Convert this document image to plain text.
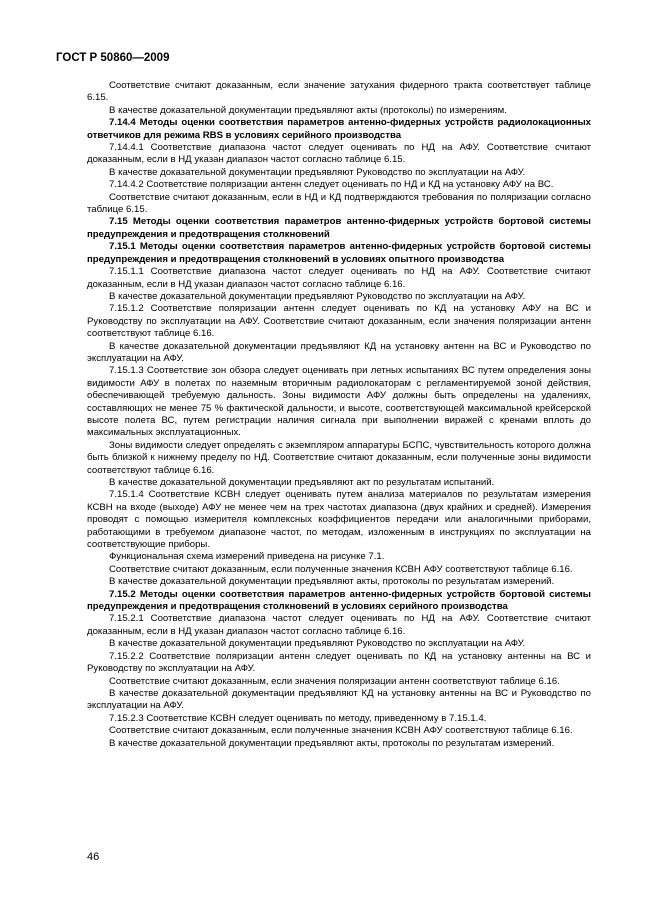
ГОСТ Р 50860—2009

Соответствие считают доказанным, если значение затухания фидерного тракта соответствует таблице 6.15.

В качестве доказательной документации предъявляют акты (протоколы) по измерениям.

7.14.4 Методы оценки соответствия параметров антенно-фидерных устройств радиолокационных ответчиков для режима RBS в условиях серийного производства

7.14.4.1 Соответствие диапазона частот следует оценивать по НД на АФУ. Соответствие считают доказанным, если в НД указан диапазон частот согласно таблице 6.15.

В качестве доказательной документации предъявляют Руководство по эксплуатации на АФУ.

7.14.4.2 Соответствие поляризации антенн следует оценивать по НД и КД на установку АФУ на ВС.

Соответствие считают доказанным, если в НД и КД подтверждаются требования по поляризации согласно таблице 6.15.

7.15 Методы оценки соответствия параметров антенно-фидерных устройств бортовой системы предупреждения и предотвращения столкновений

7.15.1 Методы оценки соответствия параметров антенно-фидерных устройств бортовой системы предупреждения и предотвращения столкновений в условиях опытного производства

7.15.1.1 Соответствие диапазона частот следует оценивать по НД на АФУ. Соответствие считают доказанным, если в НД указан диапазон частот согласно таблице 6.16.

В качестве доказательной документации предъявляют Руководство по эксплуатации на АФУ.

7.15.1.2 Соответствие поляризации антенн следует оценивать по КД на установку АФУ на ВС и Руководству по эксплуатации на АФУ. Соответствие считают доказанным, если значения поляризации антенн соответствуют таблице 6.16.

В качестве доказательной документации предъявляют КД на установку антенн на ВС и Руководство по эксплуатации на АФУ.

7.15.1.3 Соответствие зон обзора следует оценивать при летных испытаниях ВС путем определения зоны видимости АФУ в полетах по наземным вторичным радиолокаторам с регламентируемой зоной действия, обеспечивающей требуемую дальность. Зоны видимости АФУ должны быть определены на удалениях, составляющих не менее 75 % фактической дальности, и высоте, соответствующей максимальной крейсерской высоте полета ВС, путем регистрации наличия сигнала при выполнении виражей с кренами вплоть до максимальных эксплуатационных.

Зоны видимости следует определять с экземпляром аппаратуры БСПС, чувствительность которого должна быть близкой к нижнему пределу по НД. Соответствие считают доказанным, если полученные зоны видимости соответствуют таблице 6.16.

В качестве доказательной документации предъявляют акт по результатам испытаний.

7.15.1.4 Соответствие КСВН следует оценивать путем анализа материалов по результатам измерения КСВН на входе (выходе) АФУ не менее чем на трех частотах диапазона (двух крайних и средней). Измерения проводят с помощью измерителя комплексных коэффициентов передачи или аналогичными приборами, работающими в требуемом диапазоне частот, по методам, изложенным в инструкциях по эксплуатации на соответствующие приборы.

Функциональная схема измерений приведена на рисунке 7.1.

Соответствие считают доказанным, если полученные значения КСВН АФУ соответствуют таблице 6.16.

В качестве доказательной документации предъявляют акты, протоколы по результатам измерений.

7.15.2 Методы оценки соответствия параметров антенно-фидерных устройств бортовой системы предупреждения и предотвращения столкновений в условиях серийного производства

7.15.2.1 Соответствие диапазона частот следует оценивать по НД на АФУ. Соответствие считают доказанным, если в НД указан диапазон частот согласно таблице 6.16.

В качестве доказательной документации предъявляют Руководство по эксплуатации на АФУ.

7.15.2.2 Соответствие поляризации антенн следует оценивать по КД на установку антенны на ВС и Руководству по эксплуатации на АФУ.

Соответствие считают доказанным, если значения поляризации антенн соответствуют таблице 6.16.

В качестве доказательной документации предъявляют КД на установку антенны на ВС и Руководство по эксплуатации на АФУ.

7.15.2.3 Соответствие КСВН следует оценивать по методу, приведенному в 7.15.1.4.

Соответствие считают доказанным, если полученные значения КСВН АФУ соответствуют таблице 6.16.

В качестве доказательной документации предъявляют акты, протоколы по результатам измерений.

46
